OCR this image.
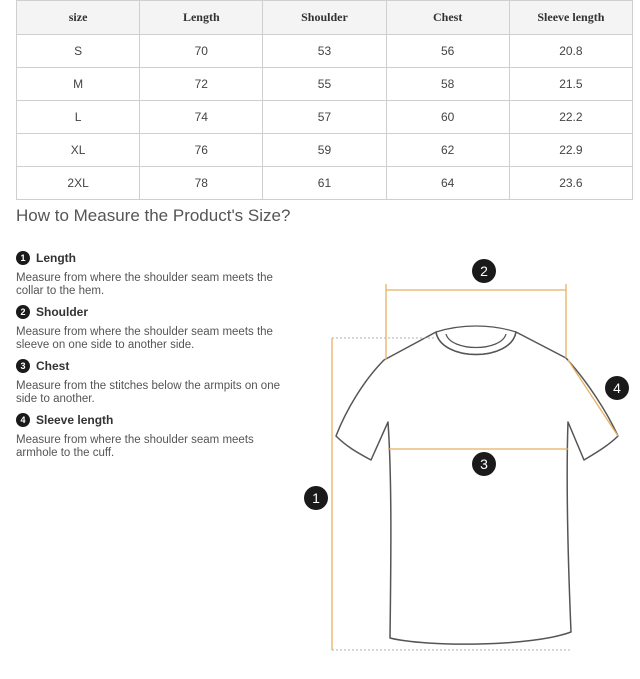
size	Length	Shoulder	Chest	Sleeve length
S	70	53	56	20.8
M	72	55	58	21.5
L	74	57	60	22.2
XL	76	59	62	22.9
2XL	78	61	64	23.6
How to Measure the Product's Size?
1 Length
Measure from where the shoulder seam meets the collar to the hem.
2 Shoulder
Measure from where the shoulder seam meets the sleeve on one side to another side.
3 Chest
Measure from the stitches below the armpits on one side to another.
4 Sleeve length
Measure from where the shoulder seam meets armhole to the cuff.
1
2
3
4
